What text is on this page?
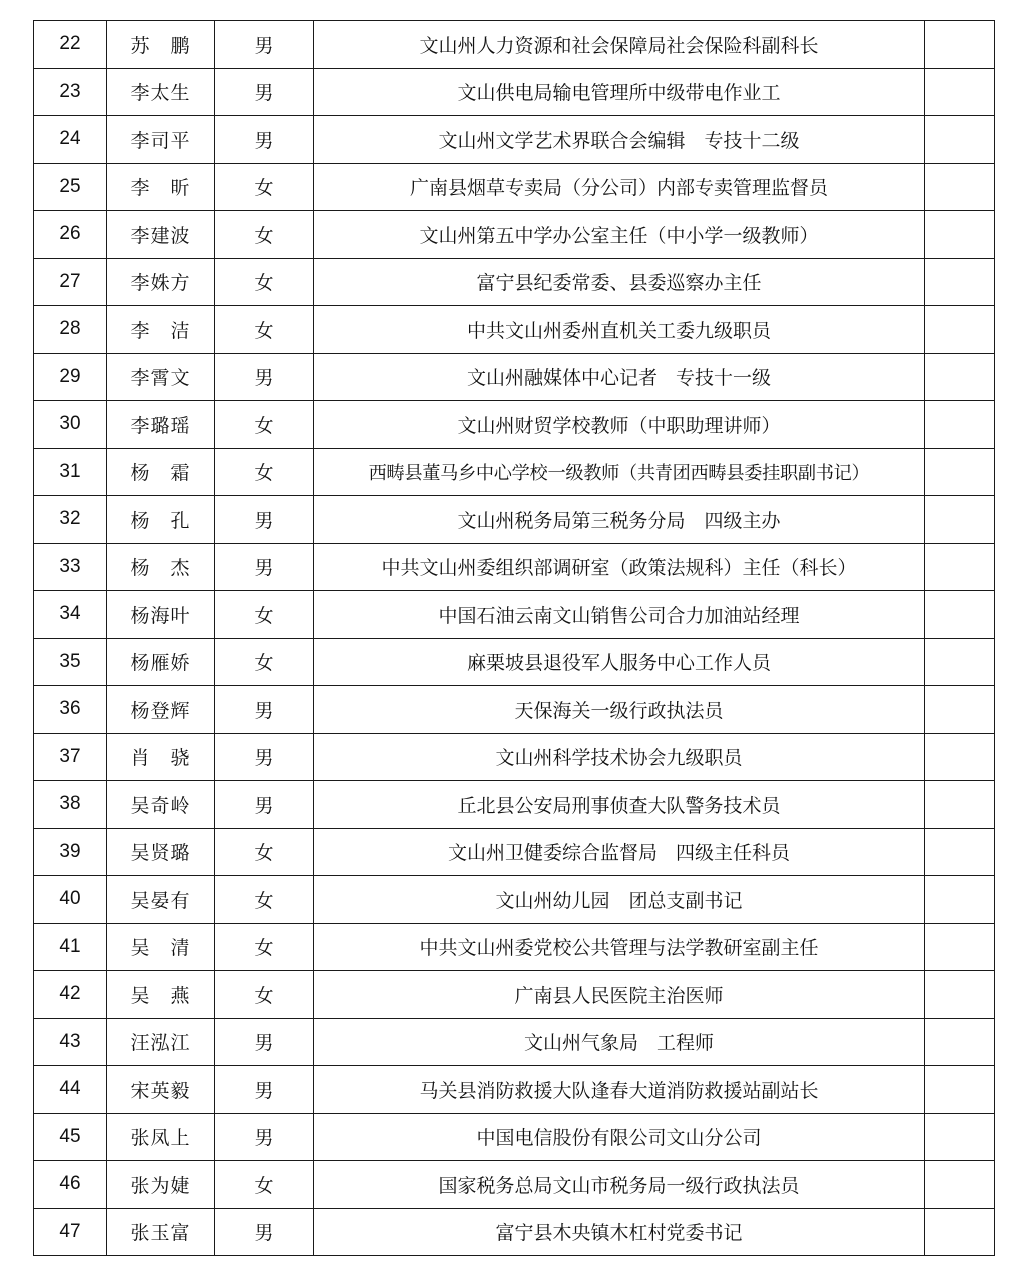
22	苏　鹏	男	文山州人力资源和社会保障局社会保险科副科长	
23	李太生	男	文山供电局输电管理所中级带电作业工	
24	李司平	男	文山州文学艺术界联合会编辑　专技十二级	
25	李　昕	女	广南县烟草专卖局（分公司）内部专卖管理监督员	
26	李建波	女	文山州第五中学办公室主任（中小学一级教师）	
27	李姝方	女	富宁县纪委常委、县委巡察办主任	
28	李　洁	女	中共文山州委州直机关工委九级职员	
29	李霄文	男	文山州融媒体中心记者　专技十一级	
30	李璐瑶	女	文山州财贸学校教师（中职助理讲师）	
31	杨　霜	女	西畴县董马乡中心学校一级教师（共青团西畴县委挂职副书记）	
32	杨　孔	男	文山州税务局第三税务分局　四级主办	
33	杨　杰	男	中共文山州委组织部调研室（政策法规科）主任（科长）	
34	杨海叶	女	中国石油云南文山销售公司合力加油站经理	
35	杨雁娇	女	麻栗坡县退役军人服务中心工作人员	
36	杨登辉	男	天保海关一级行政执法员	
37	肖　骁	男	文山州科学技术协会九级职员	
38	吴奇岭	男	丘北县公安局刑事侦查大队警务技术员	
39	吴贤璐	女	文山州卫健委综合监督局　四级主任科员	
40	吴晏有	女	文山州幼儿园　团总支副书记	
41	吴　清	女	中共文山州委党校公共管理与法学教研室副主任	
42	吴　燕	女	广南县人民医院主治医师	
43	汪泓江	男	文山州气象局　工程师	
44	宋英毅	男	马关县消防救援大队逢春大道消防救援站副站长	
45	张凤上	男	中国电信股份有限公司文山分公司	
46	张为婕	女	国家税务总局文山市税务局一级行政执法员	
47	张玉富	男	富宁县木央镇木杠村党委书记	
